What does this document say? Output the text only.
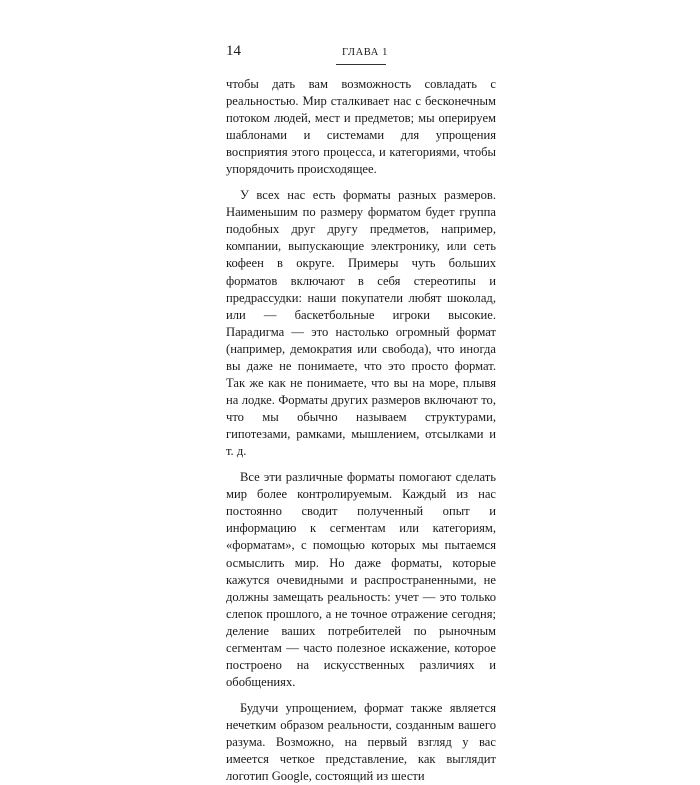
14	ГЛАВА 1

чтобы дать вам возможность совладать с реальностью. Мир сталкивает нас с бесконечным потоком людей, мест и предметов; мы оперируем шаблонами и системами для упрощения восприятия этого процесса, и категориями, чтобы упорядочить происходящее.

У всех нас есть форматы разных размеров. Наименьшим по размеру форматом будет группа подобных друг другу предметов, например, компании, выпускающие электронику, или сеть кофеен в округе. Примеры чуть больших форматов включают в себя стереотипы и предрассудки: наши покупатели любят шоколад, или — баскетбольные игроки высокие. Парадигма — это настолько огромный формат (например, демократия или свобода), что иногда вы даже не понимаете, что это просто формат. Так же как не понимаете, что вы на море, плывя на лодке. Форматы других размеров включают то, что мы обычно называем структурами, гипотезами, рамками, мышлением, отсылками и т. д.

Все эти различные форматы помогают сделать мир более контролируемым. Каждый из нас постоянно сводит полученный опыт и информацию к сегментам или категориям, «форматам», с помощью которых мы пытаемся осмыслить мир. Но даже форматы, которые кажутся очевидными и распространенными, не должны замещать реальность: учет — это только слепок прошлого, а не точное отражение сегодня; деление ваших потребителей по рыночным сегментам — часто полезное искажение, которое построено на искусственных различиях и обобщениях.

Будучи упрощением, формат также является нечетким образом реальности, созданным вашего разума. Возможно, на первый взгляд у вас имеется четкое представление, как выглядит логотип Google, состоящий из шести
